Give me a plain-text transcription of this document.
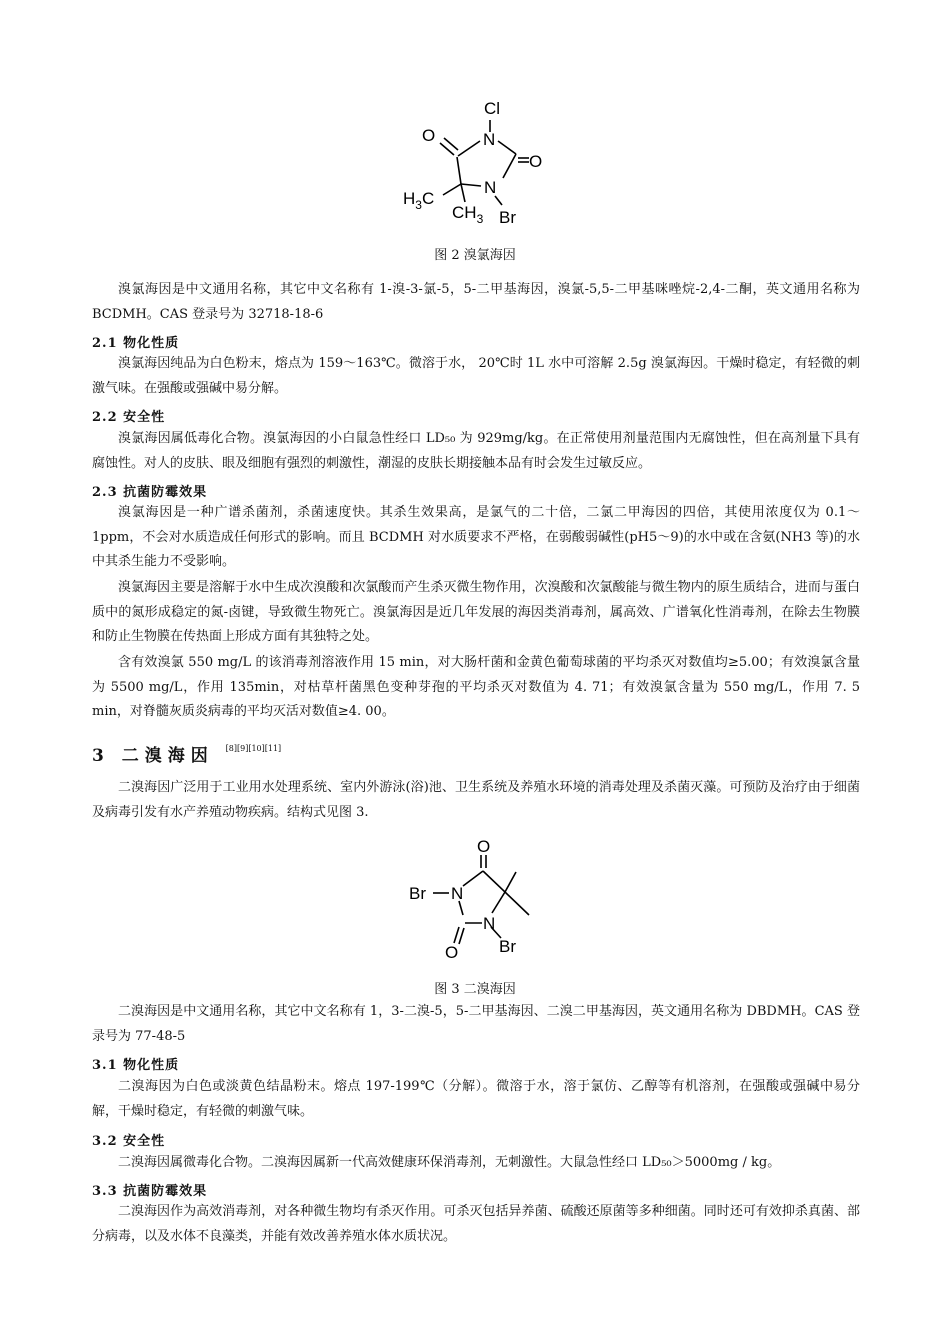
Cl
N
N
O
O
Br
$H_3C$
$CH_3$
图 2 溴氯海因
溴氯海因是中文通用名称，其它中文名称有 1-溴-3-氯-5，5-二甲基海因，溴氯-5,5-二甲基咪唑烷-2,4-二酮，英文通用名称为 BCDMH。CAS 登录号为 32718-18-6
2.1 物化性质
溴氯海因纯品为白色粉末，熔点为 159～163℃。微溶于水， 20℃时 1L 水中可溶解 2.5g 溴氯海因。干燥时稳定，有轻微的刺激气味。在强酸或强碱中易分解。
2.2 安全性
溴氯海因属低毒化合物。溴氯海因的小白鼠急性经口 LD₅₀ 为 929mg/kg。在正常使用剂量范围内无腐蚀性，但在高剂量下具有腐蚀性。对人的皮肤、眼及细胞有强烈的刺激性，潮湿的皮肤长期接触本品有时会发生过敏反应。
2.3 抗菌防霉效果
溴氯海因是一种广谱杀菌剂，杀菌速度快。其杀生效果高，是氯气的二十倍，二氯二甲海因的四倍，其使用浓度仅为 0.1～1ppm，不会对水质造成任何形式的影响。而且 BCDMH 对水质要求不严格，在弱酸弱碱性(pH5～9)的水中或在含氨(NH3 等)的水中其杀生能力不受影响。
溴氯海因主要是溶解于水中生成次溴酸和次氯酸而产生杀灭微生物作用，次溴酸和次氯酸能与微生物内的原生质结合，进而与蛋白质中的氮形成稳定的氮-卤键，导致微生物死亡。溴氯海因是近几年发展的海因类消毒剂，属高效、广谱氧化性消毒剂，在除去生物膜和防止生物膜在传热面上形成方面有其独特之处。
含有效溴氯 550 mg/L 的该消毒剂溶液作用 15 min，对大肠杆菌和金黄色葡萄球菌的平均杀灭对数值均≥5.00；有效溴氯含量为 5500 mg/L，作用 135min，对枯草杆菌黑色变种芽孢的平均杀灭对数值为 4. 71；有效溴氯含量为 550 mg/L，作用 7. 5 min，对脊髓灰质炎病毒的平均灭活对数值≥4. 00。
3 二溴海因 [8][9][10][11]
二溴海因广泛用于工业用水处理系统、室内外游泳(浴)池、卫生系统及养殖水环境的消毒处理及杀菌灭藻。可预防及治疗由于细菌及病毒引发有水产养殖动物疾病。结构式见图 3.
O
Br N
N
O Br
图 3 二溴海因
二溴海因是中文通用名称，其它中文名称有 1，3-二溴-5，5-二甲基海因、二溴二甲基海因，英文通用名称为 DBDMH。CAS 登录号为 77-48-5
3.1 物化性质
二溴海因为白色或淡黄色结晶粉末。熔点 197-199℃（分解）。微溶于水，溶于氯仿、乙醇等有机溶剂，在强酸或强碱中易分解，干燥时稳定，有轻微的刺激气味。
3.2 安全性
二溴海因属微毒化合物。二溴海因属新一代高效健康环保消毒剂，无刺激性。大鼠急性经口 LD₅₀＞5000mg / kg。
3.3 抗菌防霉效果
二溴海因作为高效消毒剂，对各种微生物均有杀灭作用。可杀灭包括异养菌、硫酸还原菌等多种细菌。同时还可有效抑杀真菌、部分病毒，以及水体不良藻类，并能有效改善养殖水体水质状况。
